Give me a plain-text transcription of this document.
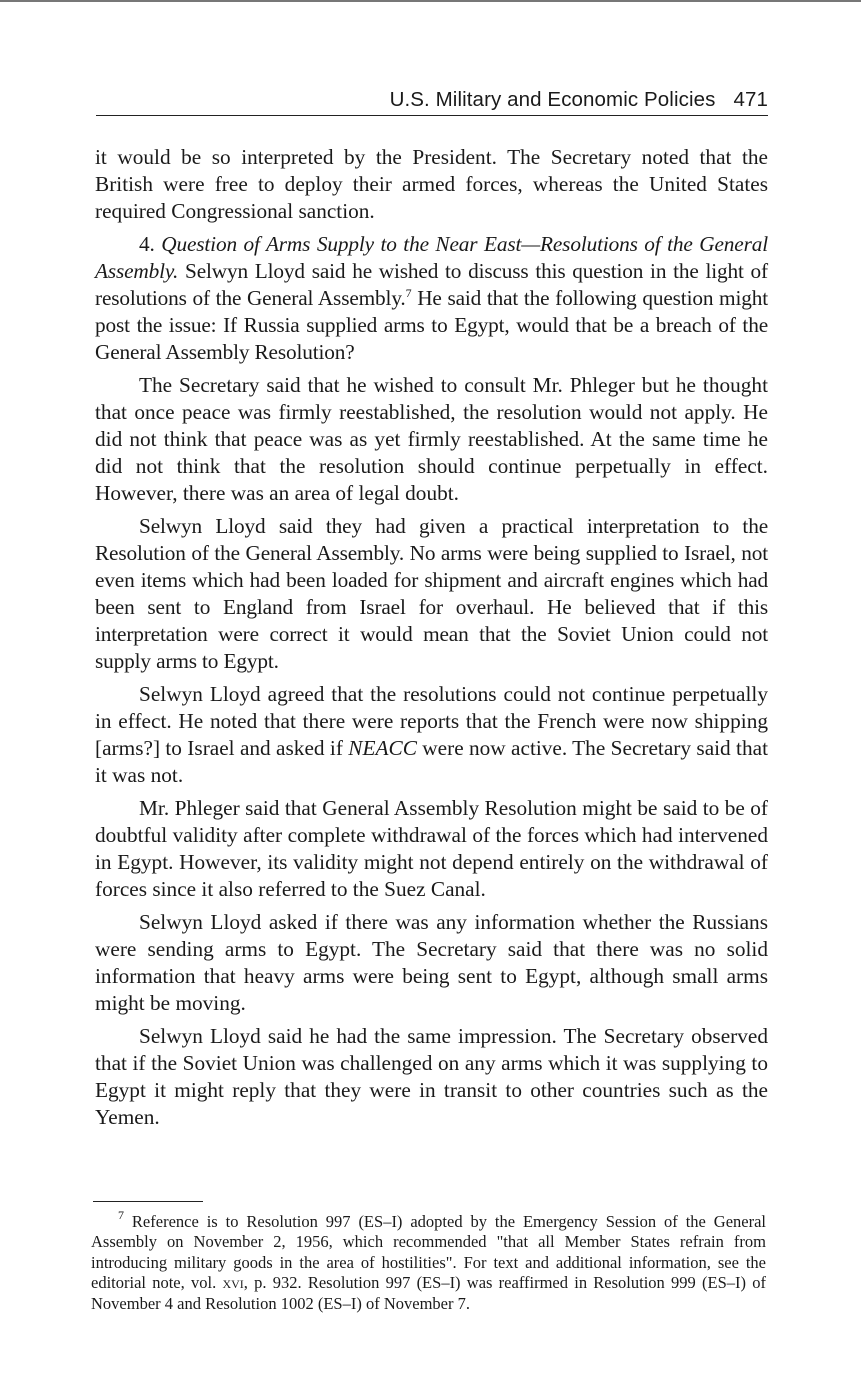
U.S. Military and Economic Policies 471

it would be so interpreted by the President. The Secretary noted that the British were free to deploy their armed forces, whereas the United States required Congressional sanction.

4. Question of Arms Supply to the Near East—Resolutions of the General Assembly. Selwyn Lloyd said he wished to discuss this question in the light of resolutions of the General Assembly.$^7$ He said that the following question might post the issue: If Russia supplied arms to Egypt, would that be a breach of the General Assembly Resolution?

The Secretary said that he wished to consult Mr. Phleger but he thought that once peace was firmly reestablished, the resolution would not apply. He did not think that peace was as yet firmly reestablished. At the same time he did not think that the resolution should continue perpetually in effect. However, there was an area of legal doubt.

Selwyn Lloyd said they had given a practical interpretation to the Resolution of the General Assembly. No arms were being supplied to Israel, not even items which had been loaded for shipment and aircraft engines which had been sent to England from Israel for overhaul. He believed that if this interpretation were correct it would mean that the Soviet Union could not supply arms to Egypt.

Selwyn Lloyd agreed that the resolutions could not continue perpetually in effect. He noted that there were reports that the French were now shipping [arms?] to Israel and asked if NEACC were now active. The Secretary said that it was not.

Mr. Phleger said that General Assembly Resolution might be said to be of doubtful validity after complete withdrawal of the forces which had intervened in Egypt. However, its validity might not depend entirely on the withdrawal of forces since it also referred to the Suez Canal.

Selwyn Lloyd asked if there was any information whether the Russians were sending arms to Egypt. The Secretary said that there was no solid information that heavy arms were being sent to Egypt, although small arms might be moving.

Selwyn Lloyd said he had the same impression. The Secretary observed that if the Soviet Union was challenged on any arms which it was supplying to Egypt it might reply that they were in transit to other countries such as the Yemen.

$^7$ Reference is to Resolution 997 (ES–I) adopted by the Emergency Session of the General Assembly on November 2, 1956, which recommended "that all Member States refrain from introducing military goods in the area of hostilities". For text and additional information, see the editorial note, vol. xvi, p. 932. Resolution 997 (ES–I) was reaffirmed in Resolution 999 (ES–I) of November 4 and Resolution 1002 (ES–I) of November 7.
